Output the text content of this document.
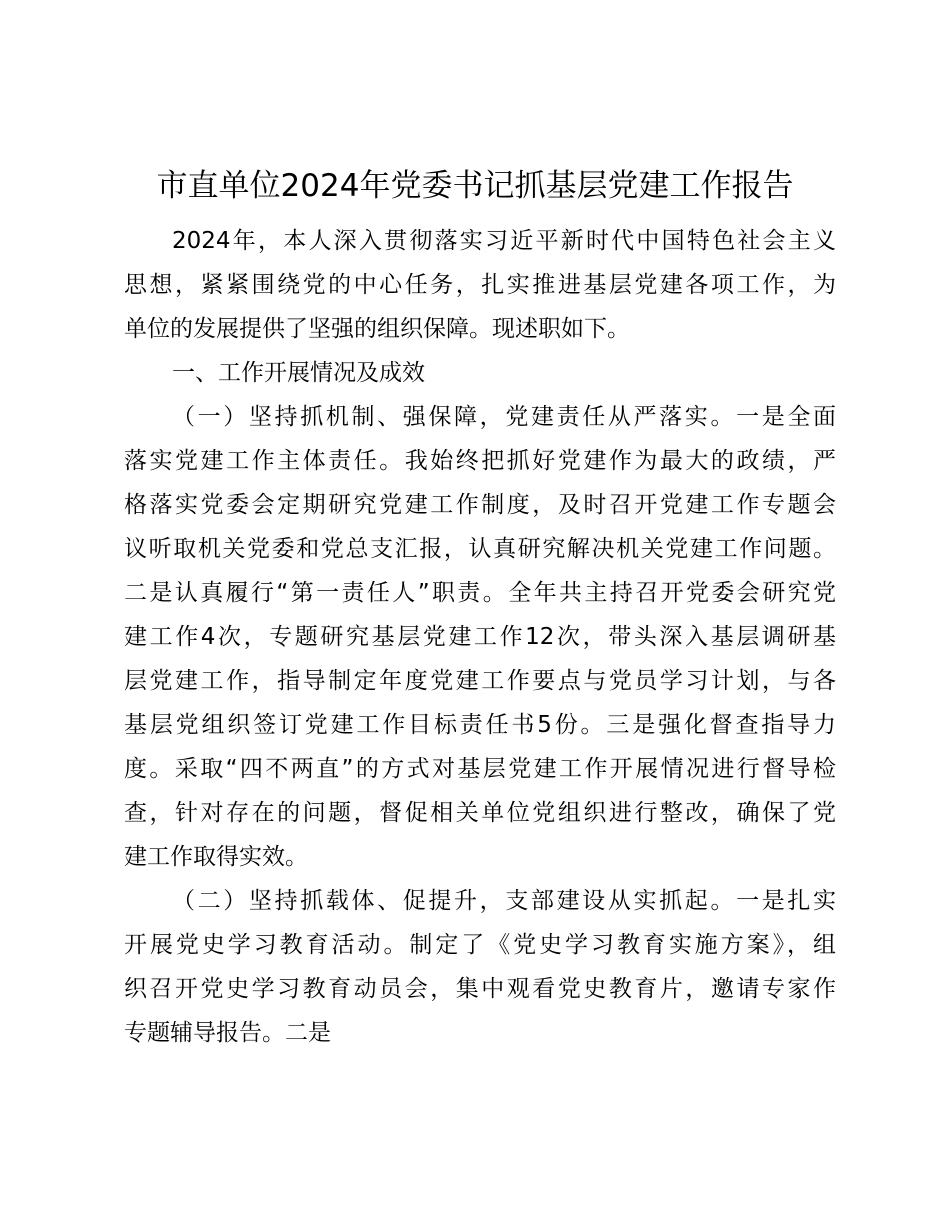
市直单位2024年党委书记抓基层党建工作报告
2024年，本人深入贯彻落实习近平新时代中国特色社会主义
思想，紧紧围绕党的中心任务，扎实推进基层党建各项工作，为
单位的发展提供了坚强的组织保障。现述职如下。
一、工作开展情况及成效
（一）坚持抓机制、强保障，党建责任从严落实。一是全面
落实党建工作主体责任。我始终把抓好党建作为最大的政绩，严
格落实党委会定期研究党建工作制度，及时召开党建工作专题会
议听取机关党委和党总支汇报，认真研究解决机关党建工作问题。
二是认真履行“第一责任人”职责。全年共主持召开党委会研究党
建工作4次，专题研究基层党建工作12次，带头深入基层调研基
层党建工作，指导制定年度党建工作要点与党员学习计划，与各
基层党组织签订党建工作目标责任书5份。三是强化督查指导力
度。采取“四不两直”的方式对基层党建工作开展情况进行督导检
查，针对存在的问题，督促相关单位党组织进行整改，确保了党
建工作取得实效。
（二）坚持抓载体、促提升，支部建设从实抓起。一是扎实
开展党史学习教育活动。制定了《党史学习教育实施方案》，组
织召开党史学习教育动员会，集中观看党史教育片，邀请专家作
专题辅导报告。二是
